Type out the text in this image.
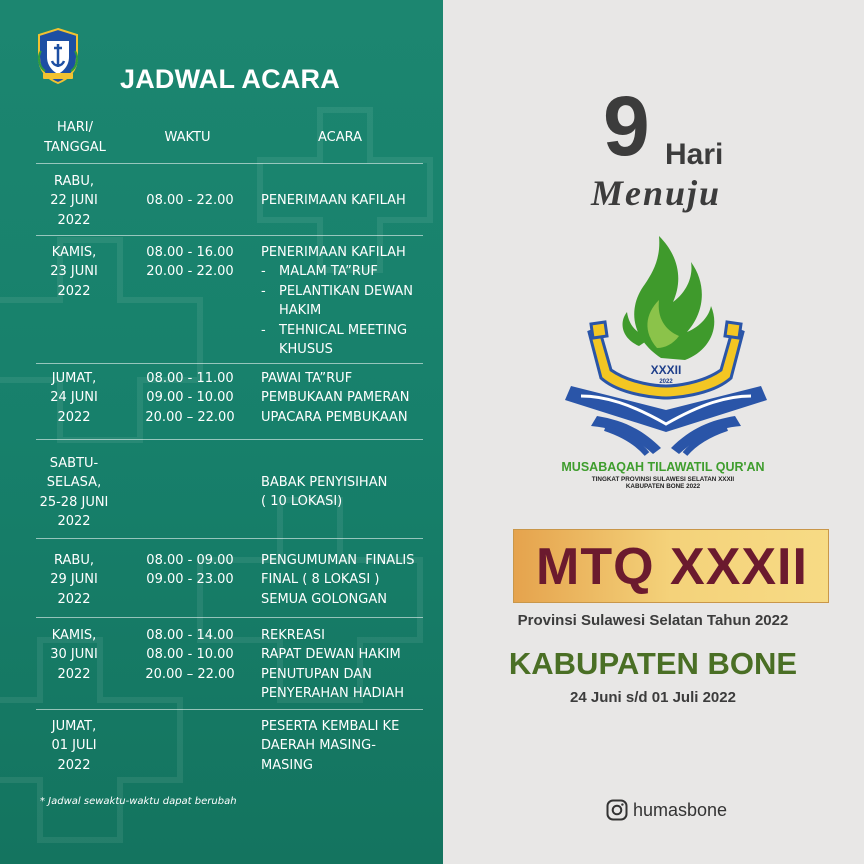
JADWAL ACARA
HARI/
TANGGAL
WAKTU	ACARA
RABU,
22 JUNI
2022
08.00 - 22.00	PENERIMAAN KAFILAH
KAMIS,
23 JUNI
2022
08.00 - 16.00
20.00 - 22.00
PENERIMAAN KAFILAH
- MALAM TA”RUF
- PELANTIKAN DEWAN
HAKIM
- TEHNICAL MEETING
KHUSUS
JUMAT,
24 JUNI
2022
08.00 - 11.00
09.00 - 10.00
20.00 – 22.00
PAWAI TA”RUF
PEMBUKAAN PAMERAN
UPACARA PEMBUKAAN
SABTU-
SELASA,
25-28 JUNI
2022
BABAK PENYISIHAN
( 10 LOKASI)
RABU,
29 JUNI
2022
08.00 - 09.00
09.00 - 23.00
PENGUMUMAN  FINALIS
FINAL ( 8 LOKASI )
SEMUA GOLONGAN
KAMIS,
30 JUNI
2022
08.00 - 14.00
08.00 - 10.00
20.00 – 22.00
REKREASI
RAPAT DEWAN HAKIM
PENUTUPAN DAN
PENYERAHAN HADIAH
JUMAT,
01 JULI
2022
PESERTA KEMBALI KE
DAERAH MASING-
MASING
* Jadwal sewaktu-waktu dapat berubah
9 Hari
Menuju
XXXII
2022
MUSABAQAH TILAWATIL QUR'AN
TINGKAT PROVINSI SULAWESI SELATAN XXXII
KABUPATEN BONE 2022
MTQ XXXII
Provinsi Sulawesi Selatan Tahun 2022
KABUPATEN BONE
24 Juni s/d 01 Juli 2022
humasbone
